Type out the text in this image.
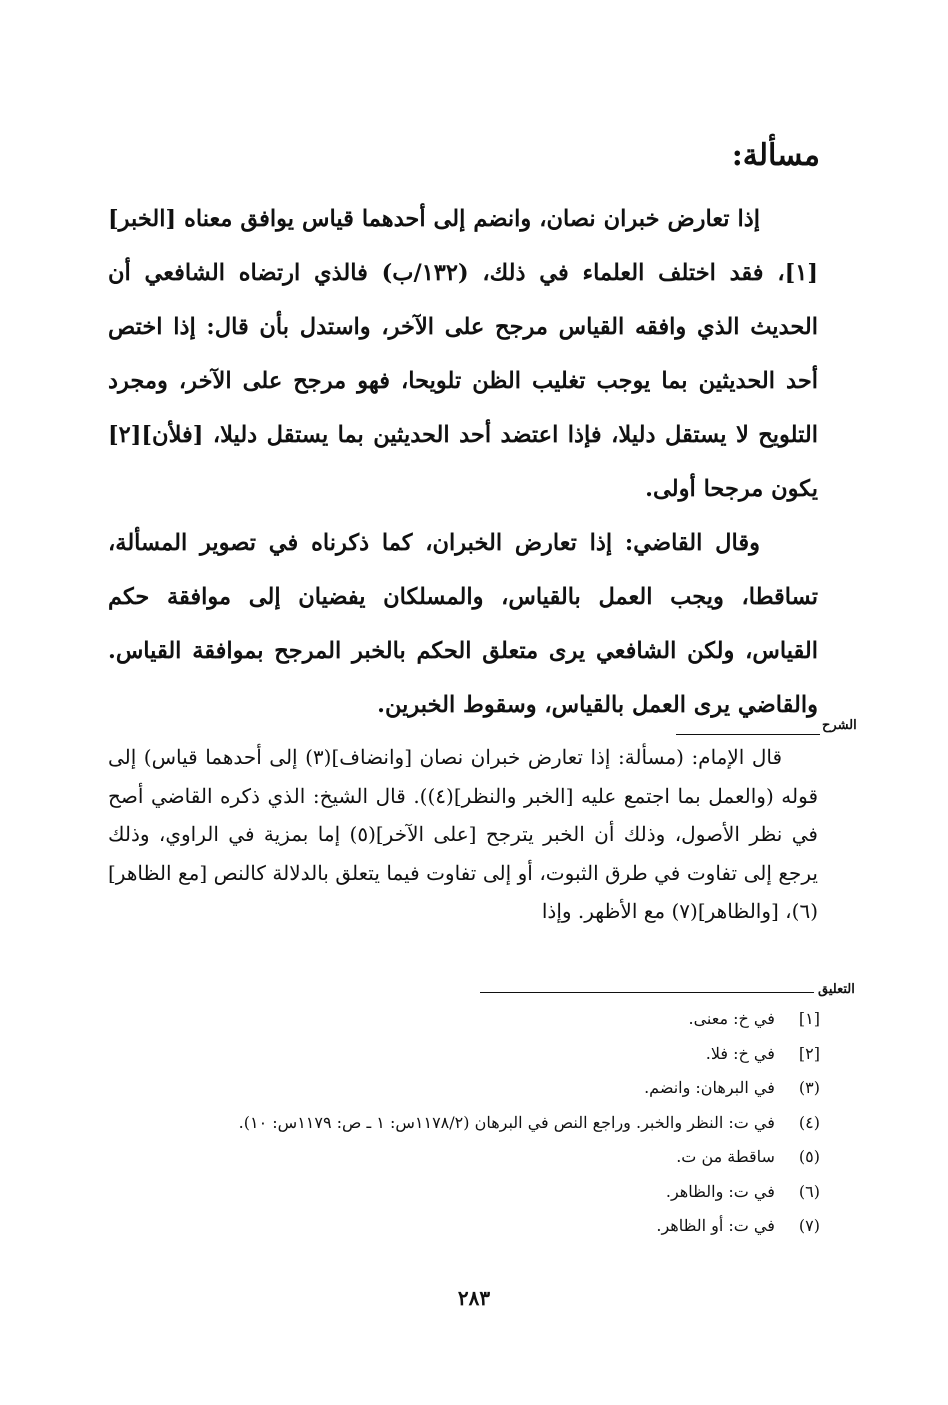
مسألة:

إذا تعارض خبران نصان، وانضم إلى أحدهما قياس يوافق معناه [الخبر][١]، فقد اختلف العلماء في ذلك، (١٣٢/ب) فالذي ارتضاه الشافعي أن الحديث الذي وافقه القياس مرجح على الآخر، واستدل بأن قال: إذا اختص أحد الحديثين بما يوجب تغليب الظن تلويحا، فهو مرجح على الآخر، ومجرد التلويح لا يستقل دليلا، فإذا اعتضد أحد الحديثين بما يستقل دليلا، [فلأن][٢] يكون مرجحا أولى.

وقال القاضي: إذا تعارض الخبران، كما ذكرناه في تصوير المسألة، تساقطا، ويجب العمل بالقياس، والمسلكان يفضيان إلى موافقة حكم القياس، ولكن الشافعي يرى متعلق الحكم بالخبر المرجح بموافقة القياس. والقاضي يرى العمل بالقياس، وسقوط الخبرين.

الشرح

قال الإمام: (مسألة: إذا تعارض خبران نصان [وانضاف](٣) إلى أحدهما قياس) إلى قوله (والعمل بما اجتمع عليه [الخبر والنظر](٤)). قال الشيخ: الذي ذكره القاضي أصح في نظر الأصول، وذلك أن الخبر يترجح [على الآخر](٥) إما بمزية في الراوي، وذلك يرجع إلى تفاوت في طرق الثبوت، أو إلى تفاوت فيما يتعلق بالدلالة كالنص [مع الظاهر](٦)، [والظاهر](٧) مع الأظهر. وإذا

التعليق
[١] في خ: معنى.
[٢] في خ: فلا.
(٣) في البرهان: وانضم.
(٤) في ت: النظر والخبر. وراجع النص في البرهان (١١٧٨/٢س: ١ ـ ص: ١١٧٩س: ١٠).
(٥) ساقطة من ت.
(٦) في ت: والظاهر.
(٧) في ت: أو الظاهر.
٢٨٣
